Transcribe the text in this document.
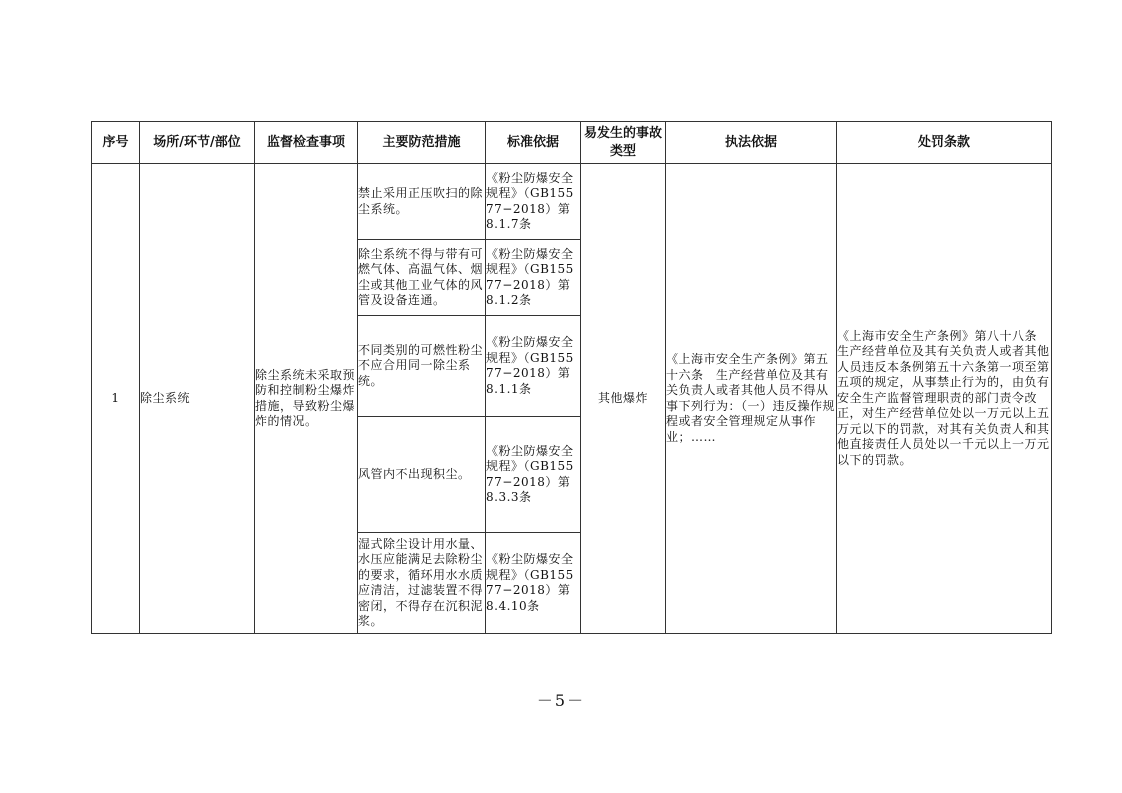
序号	场所/环节/部位	监督检查事项	主要防范措施	标准依据	易发生的事故类型	执法依据	处罚条款
1	除尘系统	除尘系统未采取预防和控制粉尘爆炸措施，导致粉尘爆炸的情况。	禁止采用正压吹扫的除尘系统。	《粉尘防爆安全规程》（GB15577−2018）第8.1.7条	其他爆炸	《上海市安全生产条例》第五十六条　生产经营单位及其有关负责人或者其他人员不得从事下列行为：（一）违反操作规程或者安全管理规定从事作业；……	《上海市安全生产条例》第八十八条 生产经营单位及其有关负责人或者其他人员违反本条例第五十六条第一项至第五项的规定，从事禁止行为的，由负有安全生产监督管理职责的部门责令改正，对生产经营单位处以一万元以上五万元以下的罚款，对其有关负责人和其他直接责任人员处以一千元以上一万元以下的罚款。
			除尘系统不得与带有可燃气体、高温气体、烟尘或其他工业气体的风管及设备连通。	《粉尘防爆安全规程》（GB15577−2018）第8.1.2条			
			不同类别的可燃性粉尘不应合用同一除尘系统。	《粉尘防爆安全规程》（GB15577−2018）第8.1.1条			
			风管内不出现积尘。	《粉尘防爆安全规程》（GB15577−2018）第8.3.3条			
			湿式除尘设计用水量、水压应能满足去除粉尘的要求，循环用水水质应清洁，过滤装置不得密闭，不得存在沉积泥浆。	《粉尘防爆安全规程》（GB15577−2018）第8.4.10条			
－5－
